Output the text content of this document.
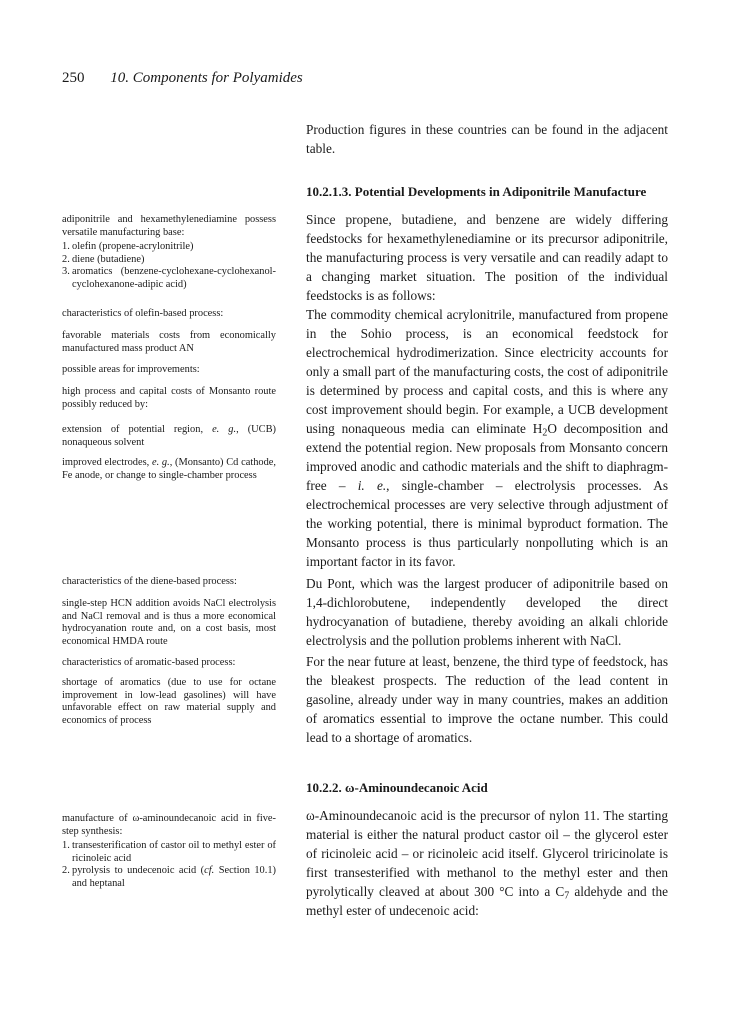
250 10. Components for Polyamides

Production figures in these countries can be found in the adjacent table.

10.2.1.3. Potential Developments in Adiponitrile Manufacture

Since propene, butadiene, and benzene are widely differing feedstocks for hexamethylenediamine or its precursor adiponitrile, the manufacturing process is very versatile and can readily adapt to a changing market situation. The position of the individual feedstocks is as follows:

The commodity chemical acrylonitrile, manufactured from propene in the Sohio process, is an economical feedstock for electrochemical hydrodimerization. Since electricity accounts for only a small part of the manufacturing costs, the cost of adiponitrile is determined by process and capital costs, and this is where any cost improvement should begin. For example, a UCB development using nonaqueous media can eliminate $H_2O$ decomposition and extend the potential region. New proposals from Monsanto concern improved anodic and cathodic materials and the shift to diaphragm-free – i. e., single-chamber – electrolysis processes. As electrochemical processes are very selective through adjustment of the working potential, there is minimal byproduct formation. The Monsanto process is thus particularly nonpolluting which is an important factor in its favor.

Du Pont, which was the largest producer of adiponitrile based on 1,4-dichlorobutene, independently developed the direct hydrocyanation of butadiene, thereby avoiding an alkali chloride electrolysis and the pollution problems inherent with NaCl.

For the near future at least, benzene, the third type of feedstock, has the bleakest prospects. The reduction of the lead content in gasoline, already under way in many countries, makes an addition of aromatics essential to improve the octane number. This could lead to a shortage of aromatics.

10.2.2. ω-Aminoundecanoic Acid

ω-Aminoundecanoic acid is the precursor of nylon 11. The starting material is either the natural product castor oil – the glycerol ester of ricinoleic acid – or ricinoleic acid itself. Glycerol triricinolate is first transesterified with methanol to the methyl ester and then pyrolytically cleaved at about 300 °C into a $C_7$ aldehyde and the methyl ester of undecenoic acid:

adiponitrile and hexamethylenediamine possess versatile manufacturing base:
1. olefin (propene-acrylonitrile)
2. diene (butadiene)
3. aromatics (benzene-cyclohexane-cyclohexanol-cyclohexanone-adipic acid)
characteristics of olefin-based process:
favorable materials costs from economically manufactured mass product AN
possible areas for improvements:
high process and capital costs of Monsanto route possibly reduced by:
extension of potential region, e. g., (UCB) nonaqueous solvent
improved electrodes, e. g., (Monsanto) Cd cathode, Fe anode, or change to single-chamber process
characteristics of the diene-based process:
single-step HCN addition avoids NaCl electrolysis and NaCl removal and is thus a more economical hydrocyanation route and, on a cost basis, most economical HMDA route
characteristics of aromatic-based process:
shortage of aromatics (due to use for octane improvement in low-lead gasolines) will have unfavorable effect on raw material supply and economics of process
manufacture of ω-aminoundecanoic acid in five-step synthesis:
1. transesterification of castor oil to methyl ester of ricinoleic acid
2. pyrolysis to undecenoic acid (cf. Section 10.1) and heptanal
